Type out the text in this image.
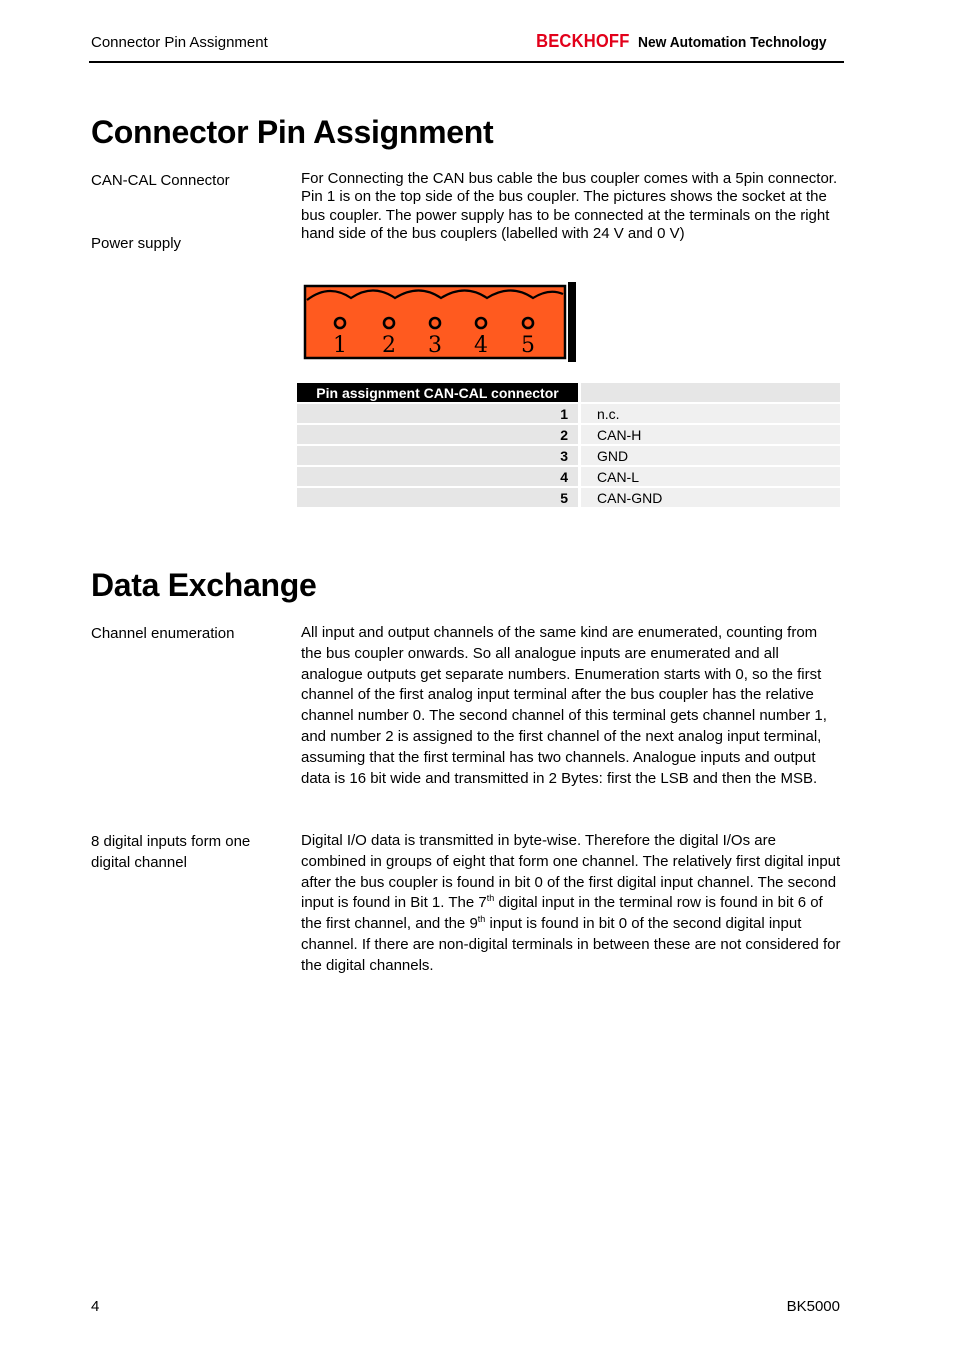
Connector Pin Assignment	BECKHOFF New Automation Technology
Connector Pin Assignment
CAN-CAL Connector
Power supply
For Connecting the CAN bus cable the bus coupler comes with a 5pin connector. Pin 1 is on the top side of the bus coupler. The pictures shows the socket at the bus coupler. The power supply has to be connected at the terminals on the right hand side of the bus couplers (labelled with 24 V and 0 V)
1 2 3 4 5
Pin assignment CAN-CAL connector	
1	n.c.
2	CAN-H
3	GND
4	CAN-L
5	CAN-GND
Data Exchange
Channel enumeration	All input and output channels of the same kind are enumerated, counting from the bus coupler onwards. So all analogue inputs are enumerated and all analogue outputs get separate numbers. Enumeration starts with 0, so the first channel of the first analog input terminal after the bus coupler has the relative channel number 0. The second channel of this terminal gets channel number 1, and number 2 is assigned to the first channel of the next analog input terminal, assuming that the first terminal has two channels. Analogue inputs and output data is 16 bit wide and transmitted in 2 Bytes: first the LSB and then the MSB.
8 digital inputs form one digital channel
Digital I/O data is transmitted in byte-wise. Therefore the digital I/Os are combined in groups of eight that form one channel. The relatively first digital input after the bus coupler is found in bit 0 of the first digital input channel. The second input is found in Bit 1. The 7th digital input in the terminal row is found in bit 6 of the first channel, and the 9th input is found in bit 0 of the second digital input channel. If there are non-digital terminals in between these are not considered for the digital channels.
4	BK5000
